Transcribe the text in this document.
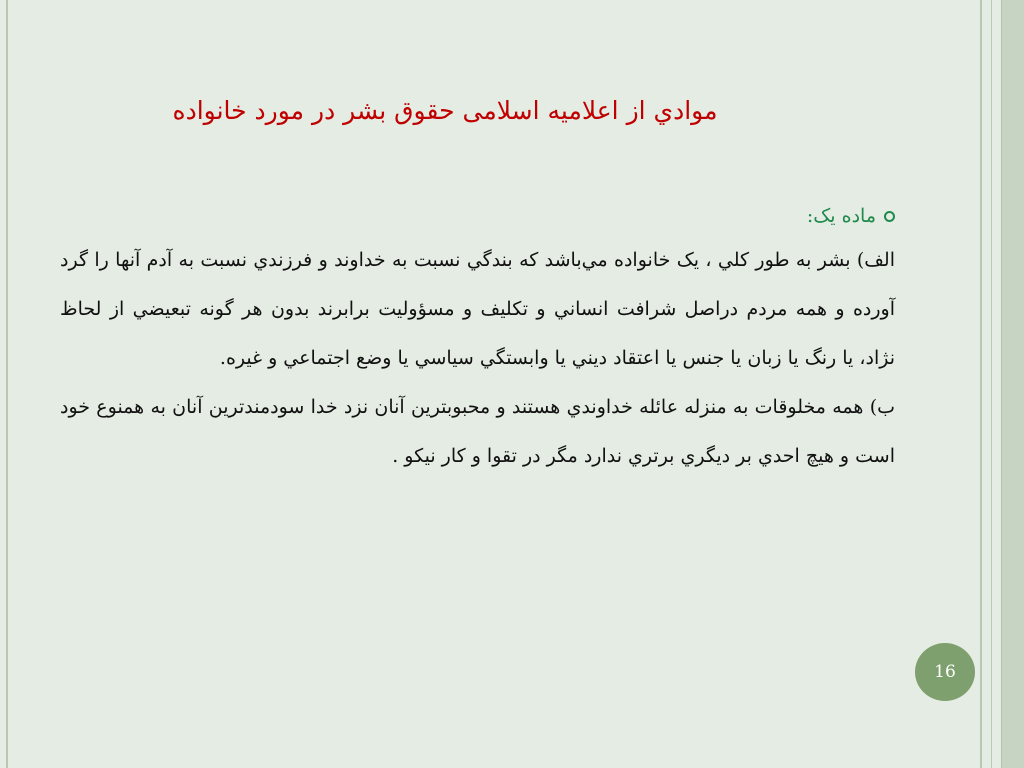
موادي از اعلاميه اسلامی حقوق بشر در مورد خانواده
ماده یک:

الف) بشر به طور كلي ، يک خانواده مي‌باشد كه بندگي نسبت به خداوند و فرزندي نسبت به آدم آنها را گرد آورده و همه مردم دراصل شرافت انساني و تكليف و مسؤوليت برابرند بدون هر گونه تبعيضي از لحاظ نژاد، يا رنگ يا زبان يا جنس يا اعتقاد ديني يا وابستگي سياسي يا وضع اجتماعي و غيره.

ب) همه مخلوقات به منزله عائله خداوندي هستند و محبوبترين آنان نزد خدا سودمندترين آنان به همنوع خود است و هيچ احدي بر ديگري برتري ندارد مگر در تقوا و كار نيكو .

16
